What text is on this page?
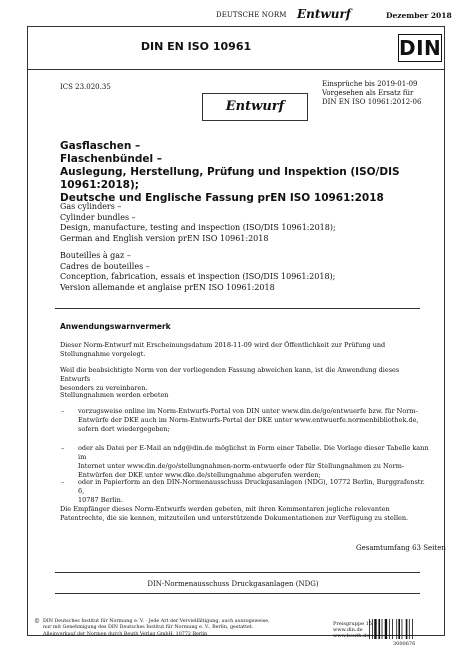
DEUTSCHE NORM Entwurf	Dezember 2018
DIN EN ISO 10961	DIN
ICS 23.020.35	Einsprüche bis 2019-01-09
Vorgesehen als Ersatz für
DIN EN ISO 10961:2012-06
Entwurf
Gasflaschen –
Flaschenbündel –
Auslegung, Herstellung, Prüfung und Inspektion (ISO/DIS 10961:2018);
Deutsche und Englische Fassung prEN ISO 10961:2018
Gas cylinders –
Cylinder bundles –
Design, manufacture, testing and inspection (ISO/DIS 10961:2018);
German and English version prEN ISO 10961:2018
Bouteilles à gaz –
Cadres de bouteilles –
Conception, fabrication, essais et inspection (ISO/DIS 10961:2018);
Version allemande et anglaise prEN ISO 10961:2018
Anwendungswarnvermerk
Dieser Norm-Entwurf mit Erscheinungsdatum 2018-11-09 wird der Öffentlichkeit zur Prüfung und
Stellungnahme vorgelegt.
Weil die beabsichtigte Norm von der vorliegenden Fassung abweichen kann, ist die Anwendung dieses Entwurfs
besonders zu vereinbaren.
Stellungnahmen werden erbeten
– vorzugsweise online im Norm-Entwurfs-Portal von DIN unter www.din.de/go/entwuerfe bzw. für Norm-
Entwürfe der DKE auch im Norm-Entwurfs-Portal der DKE unter www.entwuerfe.normenbibliothek.de,
sofern dort wiedergegeben;
– oder als Datei per E-Mail an ndg@din.de möglichst in Form einer Tabelle. Die Vorlage dieser Tabelle kann im
Internet unter www.din.de/go/stellungnahmen-norm-entwuerfe oder für Stellungnahmen zu Norm-
Entwürfen der DKE unter www.dke.de/stellungnahme abgerufen werden;
– oder in Papierform an den DIN-Normenausschuss Druckgasanlagen (NDG), 10772 Berlin, Burggrafenstr. 6,
10787 Berlin.
Die Empfänger dieses Norm-Entwurfs werden gebeten, mit ihren Kommentaren jegliche relevanten
Patentrechte, die sie kennen, mitzuteilen und unterstützende Dokumentationen zur Verfügung zu stellen.
Gesamtumfang 63 Seiten
DIN-Normenausschuss Druckgasanlagen (NDG)
© DIN Deutsches Institut für Normung e. V. · Jede Art der Vervielfältigung, auch auszugsweise,
nur mit Genehmigung des DIN Deutsches Institut für Normung e. V., Berlin, gestattet.
Alleinverkauf der Normen durch Beuth Verlag GmbH, 10772 Berlin
Preisgruppe 15
www.din.de
www.beuth.de
3000676
